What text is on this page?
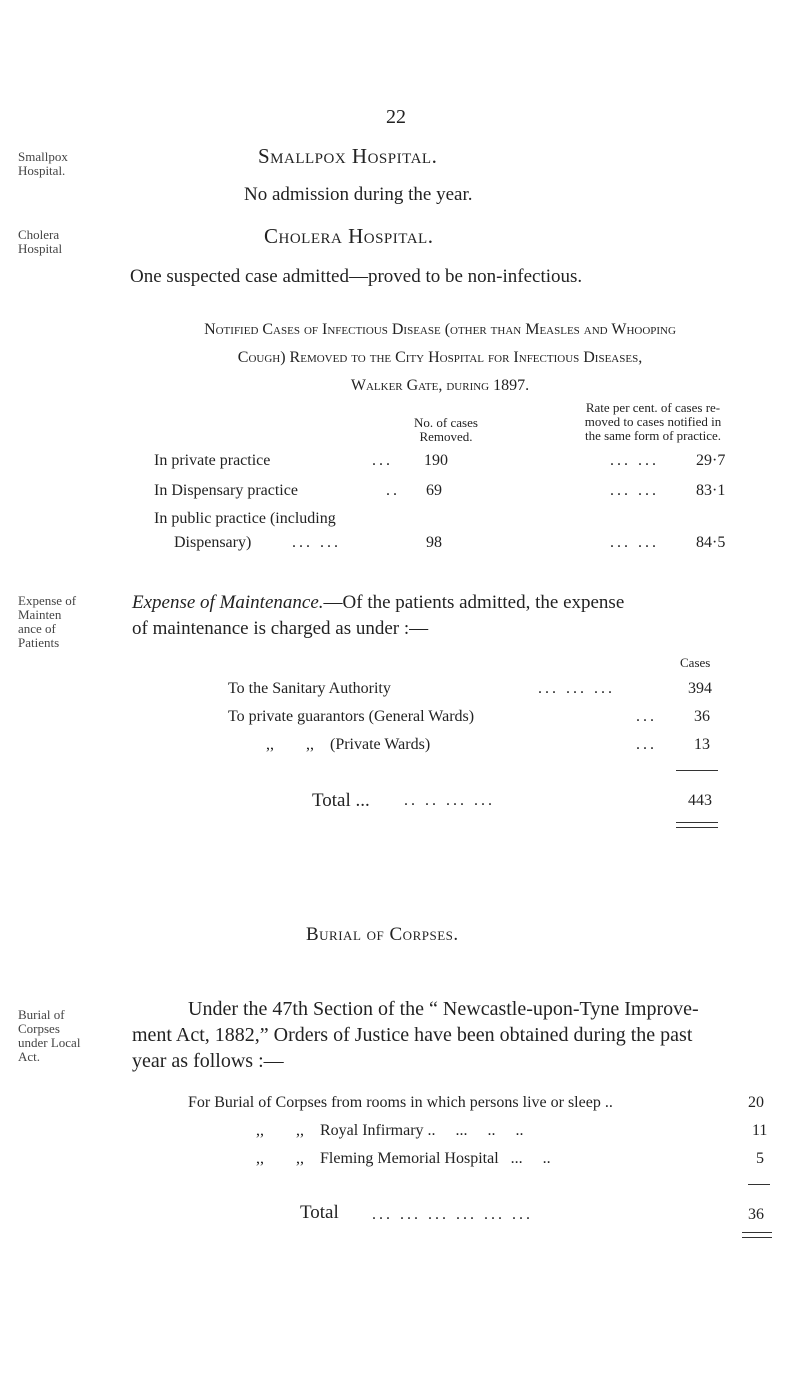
22
Smallpox
Hospital.
Cholera
Hospital
Expense of
Mainten
ance of
Patients
Burial of
Corpses
under Local
Act.
Smallpox Hospital.
No admission during the year.
Cholera Hospital.
One suspected case admitted—proved to be non-infectious.
Notified Cases of Infectious Disease (other than Measles and Whooping
Cough) Removed to the City Hospital for Infectious Diseases,
Walker Gate, during 1897.
No. of cases
Removed.
Rate per cent. of cases re-
moved to cases notified in
the same form of practice.
In private practice	... 190	... ... 29·7
In Dispensary practice	.. 69	... ... 83·1
In public practice (including
Dispensary)	... ...	98	... ... 84·5
Expense of Maintenance.—Of the patients admitted, the expense
of maintenance is charged as under :—
Cases
To the Sanitary Authority	... ... ...	394
To private guarantors (General Wards)	... 36
,,        ,,    (Private Wards)	... 13
Total ... .. .. ... ...	443
Burial of Corpses.
Under the 47th Section of the “ Newcastle-upon-Tyne Improve-
ment Act, 1882,” Orders of Justice have been obtained during the past
year as follows :—
For Burial of Corpses from rooms in which persons live or sleep ..	20
,,        ,,    Royal Infirmary ..     ...     ..     ..	11
,,        ,,    Fleming Memorial Hospital   ...     ..	5
Total ... ... ... ... ... ...	36
